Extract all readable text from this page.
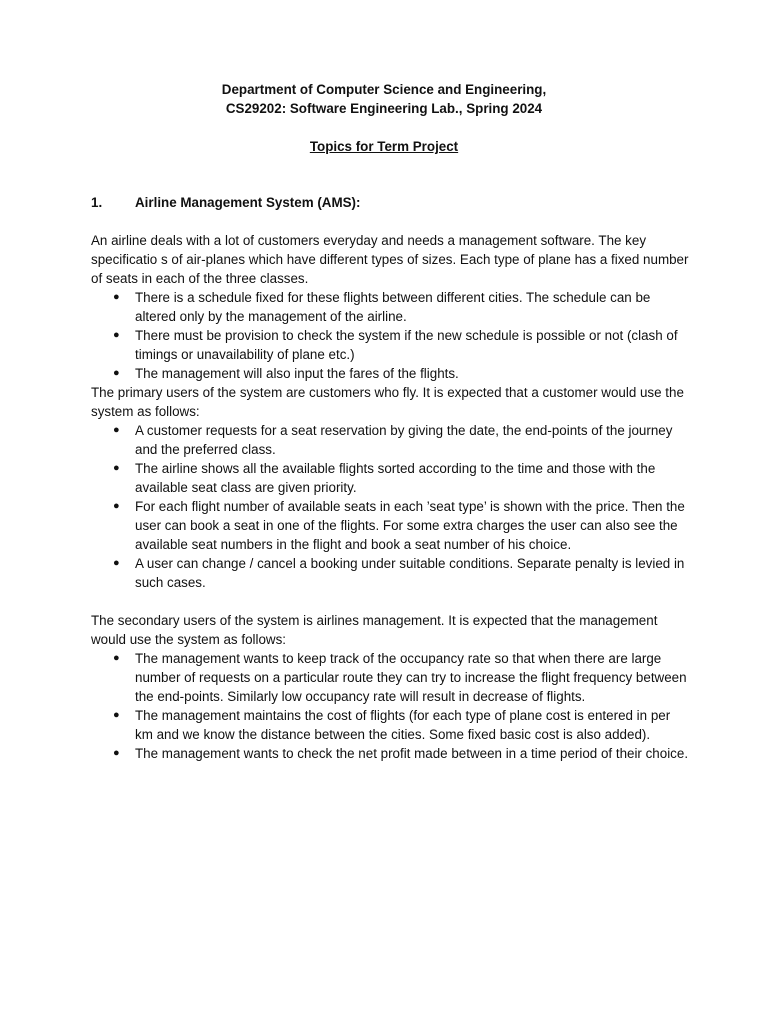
Department of Computer Science and Engineering,
CS29202: Software Engineering Lab., Spring 2024
Topics for Term Project
1. Airline Management System (AMS):

An airline deals with a lot of customers everyday and needs a management software. The key specificatio s of air-planes which have different types of sizes. Each type of plane has a fixed number of seats in each of the three classes.

● There is a schedule fixed for these flights between different cities. The schedule can be altered only by the management of the airline.
● There must be provision to check the system if the new schedule is possible or not (clash of timings or unavailability of plane etc.)
● The management will also input the fares of the flights.

The primary users of the system are customers who fly. It is expected that a customer would use the system as follows:

● A customer requests for a seat reservation by giving the date, the end-points of the journey and the preferred class.
● The airline shows all the available flights sorted according to the time and those with the available seat class are given priority.
● For each flight number of available seats in each ’seat type’ is shown with the price. Then the user can book a seat in one of the flights. For some extra charges the user can also see the available seat numbers in the flight and book a seat number of his choice.
● A user can change / cancel a booking under suitable conditions. Separate penalty is levied in such cases.

The secondary users of the system is airlines management. It is expected that the management would use the system as follows:

● The management wants to keep track of the occupancy rate so that when there are large number of requests on a particular route they can try to increase the flight frequency between the end-points. Similarly low occupancy rate will result in decrease of flights.
● The management maintains the cost of flights (for each type of plane cost is entered in per km and we know the distance between the cities. Some fixed basic cost is also added).
● The management wants to check the net profit made between in a time period of their choice.
